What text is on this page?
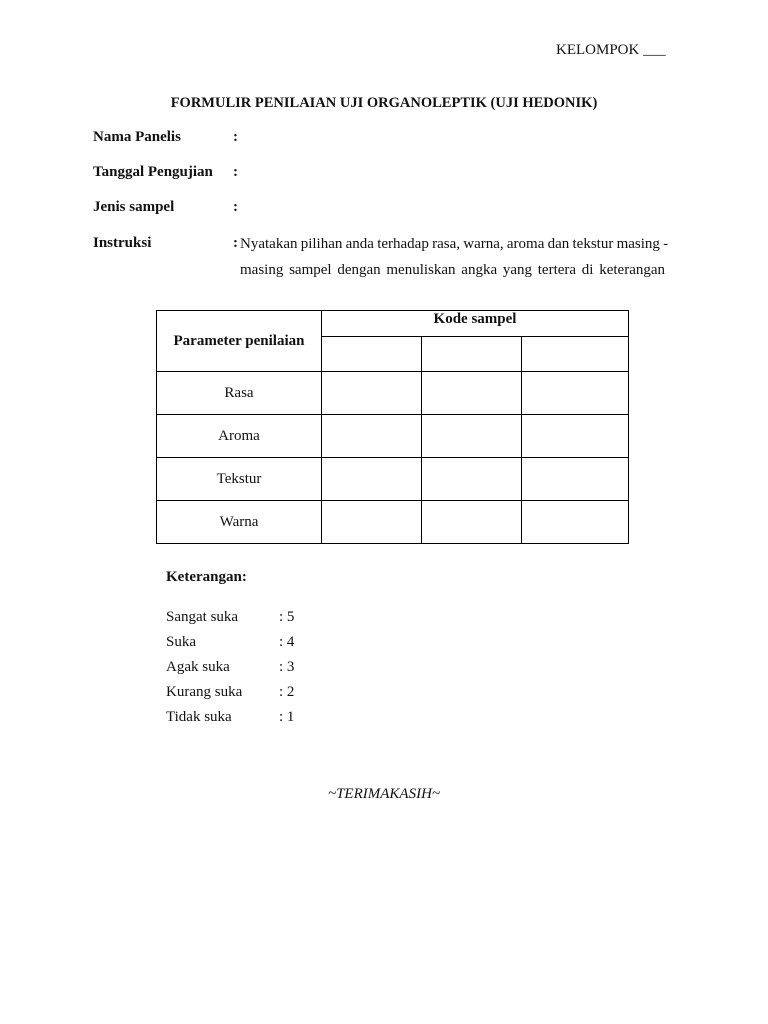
KELOMPOK ___
FORMULIR PENILAIAN UJI ORGANOLEPTIK (UJI HEDONIK)
Nama Panelis	:
Tanggal Pengujian :
Jenis sampel	:
Instruksi	: Nyatakan pilihan anda terhadap rasa, warna, aroma dan tekstur masing -
masing sampel dengan menuliskan angka yang tertera di keterangan
Parameter penilaian	Kode sampel		

Rasa			
Aroma			
Tekstur			
Warna			
Keterangan:
Sangat suka	: 5
Suka	: 4
Agak suka	: 3
Kurang suka : 2
Tidak suka	: 1
~TERIMAKASIH~
